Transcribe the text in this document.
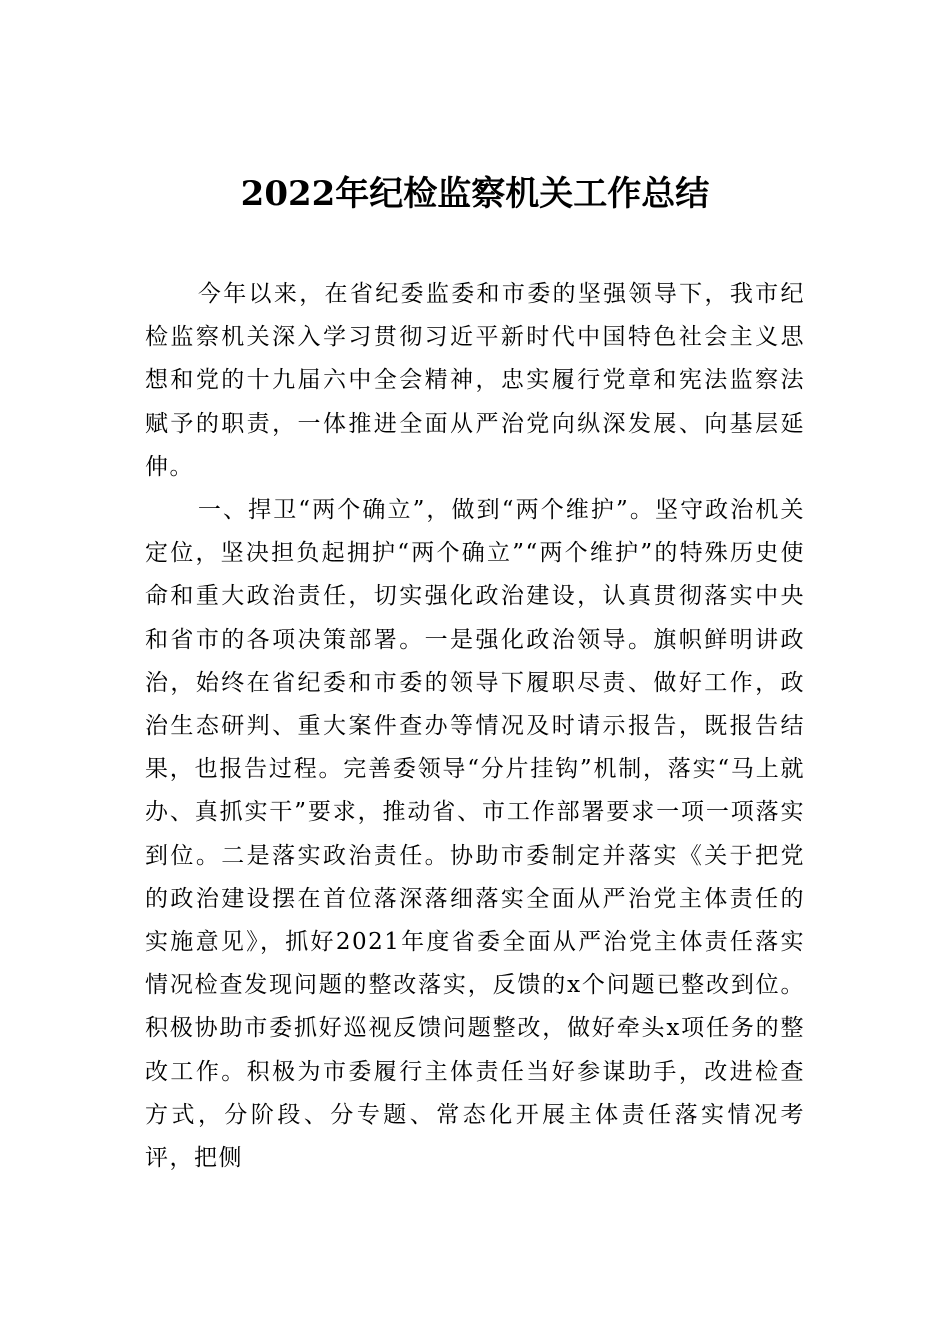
2022年纪检监察机关工作总结

今年以来，在省纪委监委和市委的坚强领导下，我市纪检监察机关深入学习贯彻习近平新时代中国特色社会主义思想和党的十九届六中全会精神，忠实履行党章和宪法监察法赋予的职责，一体推进全面从严治党向纵深发展、向基层延伸。

一、捍卫“两个确立”，做到“两个维护”。坚守政治机关定位，坚决担负起拥护“两个确立”“两个维护”的特殊历史使命和重大政治责任，切实强化政治建设，认真贯彻落实中央和省市的各项决策部署。一是强化政治领导。旗帜鲜明讲政治，始终在省纪委和市委的领导下履职尽责、做好工作，政治生态研判、重大案件查办等情况及时请示报告，既报告结果，也报告过程。完善委领导“分片挂钩”机制，落实“马上就办、真抓实干”要求，推动省、市工作部署要求一项一项落实到位。二是落实政治责任。协助市委制定并落实《关于把党的政治建设摆在首位落深落细落实全面从严治党主体责任的实施意见》，抓好2021年度省委全面从严治党主体责任落实情况检查发现问题的整改落实，反馈的x个问题已整改到位。积极协助市委抓好巡视反馈问题整改，做好牵头x项任务的整改工作。积极为市委履行主体责任当好参谋助手，改进检查方式，分阶段、分专题、常态化开展主体责任落实情况考评，把侧
